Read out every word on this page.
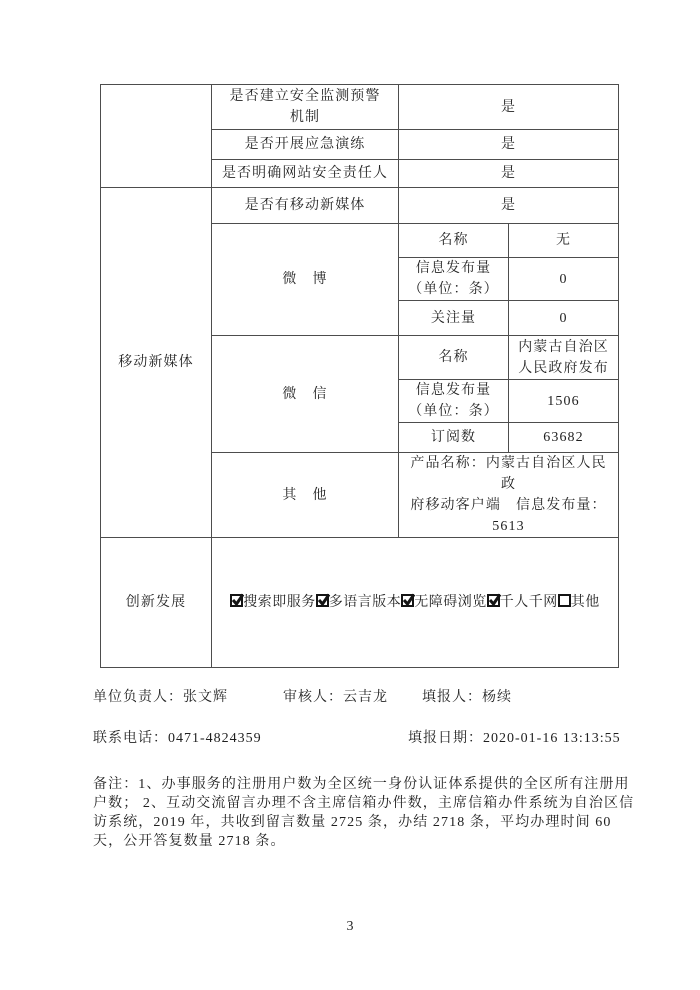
	是否建立安全监测预警
机制	是	
	是否开展应急演练	是	
	是否明确网站安全责任人	是	
移动新媒体	是否有移动新媒体	是	
	微　博	名称	无

		信息发布量
（单位：条）	0
		关注量	0
	微　信	名称	内蒙古自治区
人民政府发布

		信息发布量
（单位：条）	1506
		订阅数	63682
	其　他	产品名称：内蒙古自治区人民政
府移动客户端　信息发布量：
5613	

创新发展	搜索即服务 多语言版本 无障碍浏览 千人千网 其他		
单位负责人：张文辉	审核人：云吉龙 填报人：杨续
联系电话：0471-4824359	填报日期：2020-01-16 13:13:55
备注：1、办事服务的注册用户数为全区统一身份认证体系提供的全区所有注册用户数； 2、互动交流留言办理不含主席信箱办件数，主席信箱办件系统为自治区信访系统，2019 年，共收到留言数量 2725 条，办结 2718 条，平均办理时间 60 天，公开答复数量 2718 条。
3
